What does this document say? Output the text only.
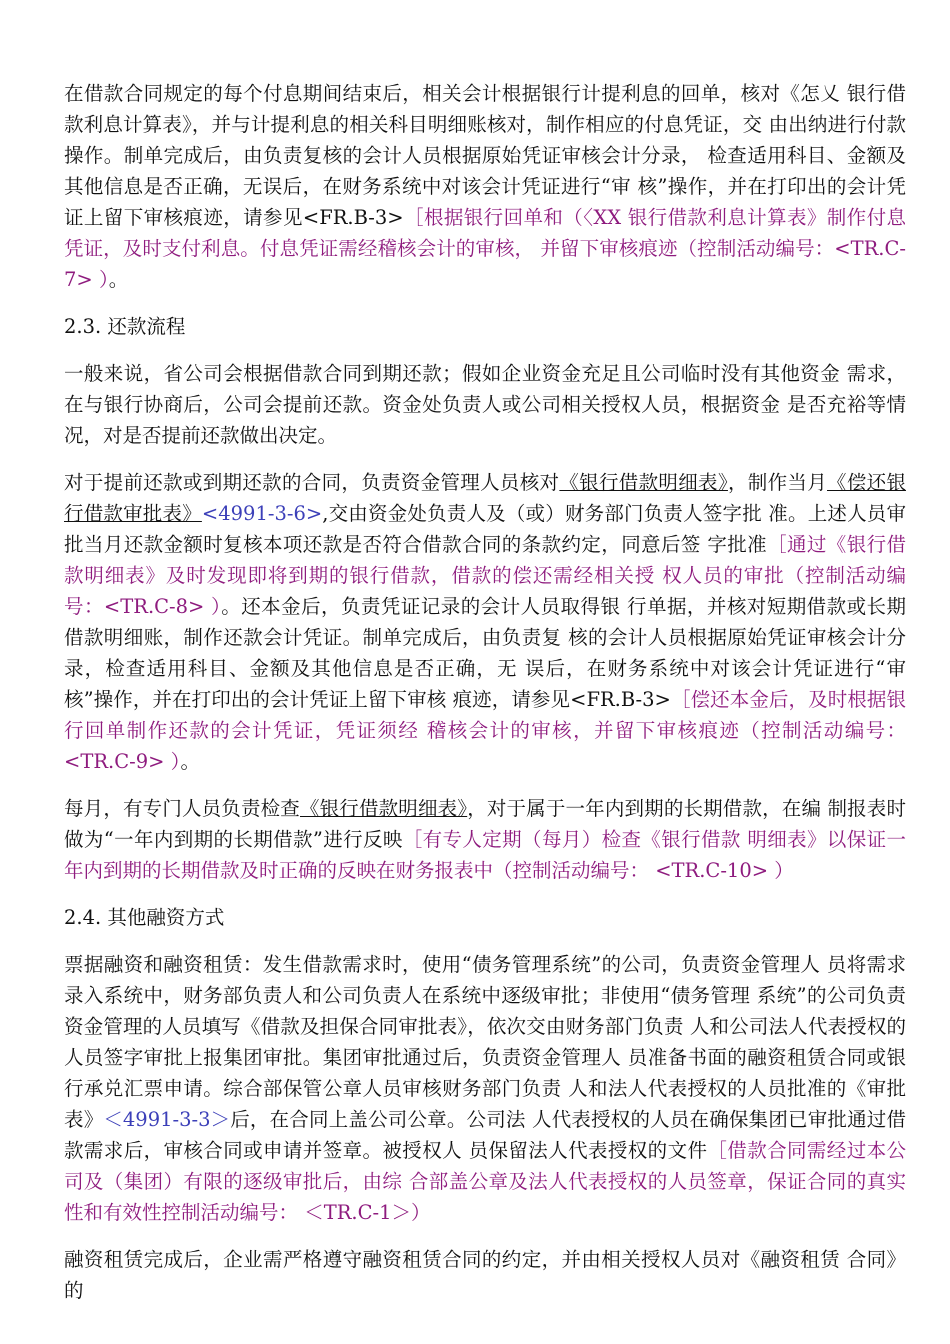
在借款合同规定的每个付息期间结束后，相关会计根据银行计提利息的回单，核对《怎乂 银行借款利息计算表》，并与计提利息的相关科目明细账核对，制作相应的付息凭证，交 由出纳进行付款操作。制单完成后，由负责复核的会计人员根据原始凭证审核会计分录， 检查适用科目、金额及其他信息是否正确，无误后，在财务系统中对该会计凭证进行“审 核”操作，并在打印出的会计凭证上留下审核痕迹，请参见<FR.B-3>［根据银行回单和（〈XX 银行借款利息计算表》制作付息凭证，及时支付利息。付息凭证需经稽核会计的审核， 并留下审核痕迹（控制活动编号：<TR.C-7> ）。

2.3. 还款流程

一般来说，省公司会根据借款合同到期还款；假如企业资金充足且公司临时没有其他资金 需求，在与银行协商后，公司会提前还款。资金处负责人或公司相关授权人员，根据资金 是否充裕等情况，对是否提前还款做出决定。

对于提前还款或到期还款的合同，负责资金管理人员核对《银行借款明细表》，制作当月《偿还银行借款审批表》<4991-3-6>,交由资金处负责人及（或）财务部门负责人签字批 准。上述人员审批当月还款金额时复核本项还款是否符合借款合同的条款约定，同意后签 字批准［通过《银行借款明细表》及时发现即将到期的银行借款，借款的偿还需经相关授 权人员的审批（控制活动编号：<TR.C-8> ）。还本金后，负责凭证记录的会计人员取得银 行单据，并核对短期借款或长期借款明细账，制作还款会计凭证。制单完成后，由负责复 核的会计人员根据原始凭证审核会计分录，检查适用科目、金额及其他信息是否正确，无 误后，在财务系统中对该会计凭证进行“审核”操作，并在打印出的会计凭证上留下审核 痕迹，请参见<FR.B-3>［偿还本金后，及时根据银行回单制作还款的会计凭证，凭证须经 稽核会计的审核，并留下审核痕迹（控制活动编号：<TR.C-9> ）。

每月，有专门人员负责检查《银行借款明细表》，对于属于一年内到期的长期借款，在编 制报表时做为“一年内到期的长期借款”进行反映［有专人定期（每月）检查《银行借款 明细表》以保证一年内到期的长期借款及时正确的反映在财务报表中（控制活动编号： <TR.C-10> ）

2.4. 其他融资方式

票据融资和融资租赁：发生借款需求时，使用“债务管理系统”的公司，负责资金管理人 员将需求录入系统中，财务部负责人和公司负责人在系统中逐级审批；非使用“债务管理 系统”的公司负责资金管理的人员填写《借款及担保合同审批表》，依次交由财务部门负责 人和公司法人代表授权的人员签字审批上报集团审批。集团审批通过后，负责资金管理人 员准备书面的融资租赁合同或银行承兑汇票申请。综合部保管公章人员审核财务部门负责 人和法人代表授权的人员批准的《审批表》＜4991-3-3＞后，在合同上盖公司公章。公司法 人代表授权的人员在确保集团已审批通过借款需求后，审核合同或申请并签章。被授权人 员保留法人代表授权的文件［借款合同需经过本公司及（集团）有限的逐级审批后，由综 合部盖公章及法人代表授权的人员签章，保证合同的真实性和有效性控制活动编号： ＜TR.C-1＞）

融资租赁完成后，企业需严格遵守融资租赁合同的约定，并由相关授权人员对《融资租赁 合同》的
